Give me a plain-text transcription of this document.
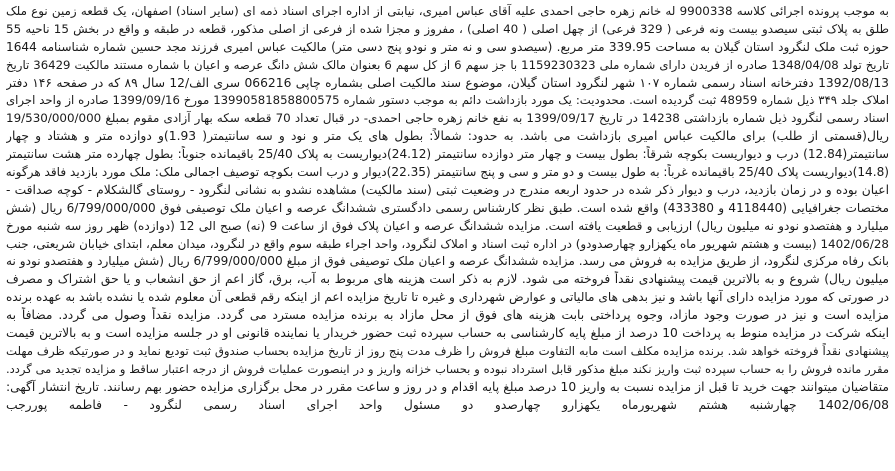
به موجب پرونده اجرائی کلاسه 9900338 له خانم زهره حاجی احمدی علیه آقای عباس امیری، نیابتی از اداره اجرای اسناد ذمه ای (سایر اسناد) اصفهان، یک قطعه زمین نوع ملک
طلق به پلاک ثبتی سیصدو بیست ونه فرعی ( 329 فرعی) از چهل اصلی ( 40 اصلی) ، مفروز و مجزا شده از فرعی از اصلی مذکور، قطعه در طبقه و واقع در بخش 15 ناحیه 55
حوزه ثبت ملک لنگرود استان گیلان به مساحت 339.95 متر مربع. (سیصدو سی و نه متر و نودو پنج دسی متر) مالکیت عباس امیری فرزند مجد حسین شماره شناسنامه 1644
تاریخ تولد 1348/04/08 صادره از فریدن دارای شماره ملی 1159230323 با جز سهم 6 از کل سهم 6 بعنوان مالک شش دانگ عرصه و اعیان با شماره مستند مالکیت 36429 تاریخ
1392/08/13 دفترخانه اسناد رسمی شماره ۱۰۷ شهر لنگرود استان گیلان، موضوع سند مالکیت اصلی بشماره چاپی 066216 سری الف/12 سال ۸۹ که در صفحه ۱۴۶ دفتر
املاک جلد ۳۴۹ ذیل شماره 48959 ثبت گردیده است. محدودیت: یک مورد بازداشت دائم به موجب دستور شماره 13990581858800575 مورخ 1399/09/16 صادره از واحد اجرای
اسناد رسمی لنگرود ذیل شماره بازداشتی 14238 در تاریخ 1399/09/17 به نفع خانم زهره حاجی احمدی- در قبال تعداد 70 قطعه سکه بهار آزادی مقوم بمبلغ 19/530/000/000
ریال(قسمتی از طلب) برای مالکیت عباس امیری بازداشت می باشد. به حدود: شمالاً: بطول های یک متر و نود و سه سانتیمتر( 1.93)و دوازده متر و هشتاد و چهار
سانتیمتر(12.84) درب و دیواریست بکوچه شرقاً: بطول بیست و چهار متر دوازده سانتیمتر (24.12)دیواریست به پلاک 25/40 باقیمانده جنوباً: بطول چهارده متر هشت سانتیمتر
(14.8)دیواریست پلاک 25/40 باقیمانده غرباً: به طول بیست و دو متر و سی و پنج سانتیمتر (22.35)دیوار و درب است بکوچه توصیف اجمالی ملک: ملک مورد بازدید فاقد هرگونه
اعیان بوده و در زمان بازدید، درب و دیوار ذکر شده در حدود اربعه مندرج در وضعیت ثبتی (سند مالکیت) مشاهده نشدو به نشانی لنگرود - روستای گالشکلام - کوچه صداقت -
مختصات جغرافیایی (4118440 و 433380) واقع شده است. طبق نظر کارشناس رسمی دادگستری ششدانگ عرصه و اعیان ملک توصیفی فوق 6/799/000/000 ریال (شش
میلیارد و هفتصدو نودو نه میلیون ریال) ارزیابی و قطعیت یافته است. مزایده ششدانگ عرصه و اعیان پلاک فوق از ساعت 9 (نه) صبح الی 12 (دوازده) ظهر روز سه شنبه مورخ
1402/06/28 (بیست و هشتم شهریور ماه یکهزارو چهارصدودو) در اداره ثبت اسناد و املاک لنگرود، واحد اجراء طبقه سوم واقع در لنگرود، میدان معلم، ابتدای خیابان شریعتی، جنب
بانک رفاه مرکزی لنگرود، از طریق مزایده به فروش می رسد. مزایده ششدانگ عرصه و اعیان ملک توصیفی فوق از مبلغ 6/799/000/000 ریال (شش میلیارد و هفتصدو نودو نه
میلیون ریال) شروع و به بالاترین قیمت پیشنهادی نقداً فروخته می شود. لازم به ذکر است هزینه های مربوط به آب، برق، گاز اعم از حق انشعاب و یا حق اشتراک و مصرف
در صورتی که مورد مزایده دارای آنها باشد و نیز بدهی های مالیاتی و عوارض شهرداری و غیره تا تاریخ مزایده اعم از اینکه رقم قطعی آن معلوم شده یا نشده باشد به عهده برنده
مزایده است و نیز در صورت وجود مازاد، وجوه پرداختی بابت هزینه های فوق از محل مازاد به برنده مزایده مسترد می گردد. مزایده نقداً وصول می گردد. مضافاً به
اینکه شرکت در مزایده منوط به پرداخت 10 درصد از مبلغ پایه کارشناسی به حساب سپرده ثبت حضور خریدار یا نماینده قانونی او در جلسه مزایده است و به بالاترین قیمت
پیشنهادی نقداً فروخته خواهد شد. برنده مزایده مکلف است مابه التفاوت مبلغ فروش را ظرف مدت پنج روز از تاریخ مزایده بحساب صندوق ثبت تودیع نماید و در صورتیکه ظرف مهلت
مقرر مانده فروش را به حساب سپرده ثبت واریز نکند مبلغ مذکور قابل استرداد نبوده و بحساب خزانه واریز و در اینصورت عملیات فروش از درجه اعتبار ساقط و مزایده تجدید می گردد.
متقاضیان میتوانند جهت خرید تا قبل از مزایده نسبت به واریز 10 درصد مبلغ پایه اقدام و در روز و ساعت مقرر در محل برگزاری مزایده حضور بهم رسانند. تاریخ انتشار آگهی:
1402/06/08 چهارشنبه هشتم شهریورماه یکهزارو چهارصدو دو مسئول واحد اجرای اسناد رسمی لنگرود - فاطمه پوررجب
